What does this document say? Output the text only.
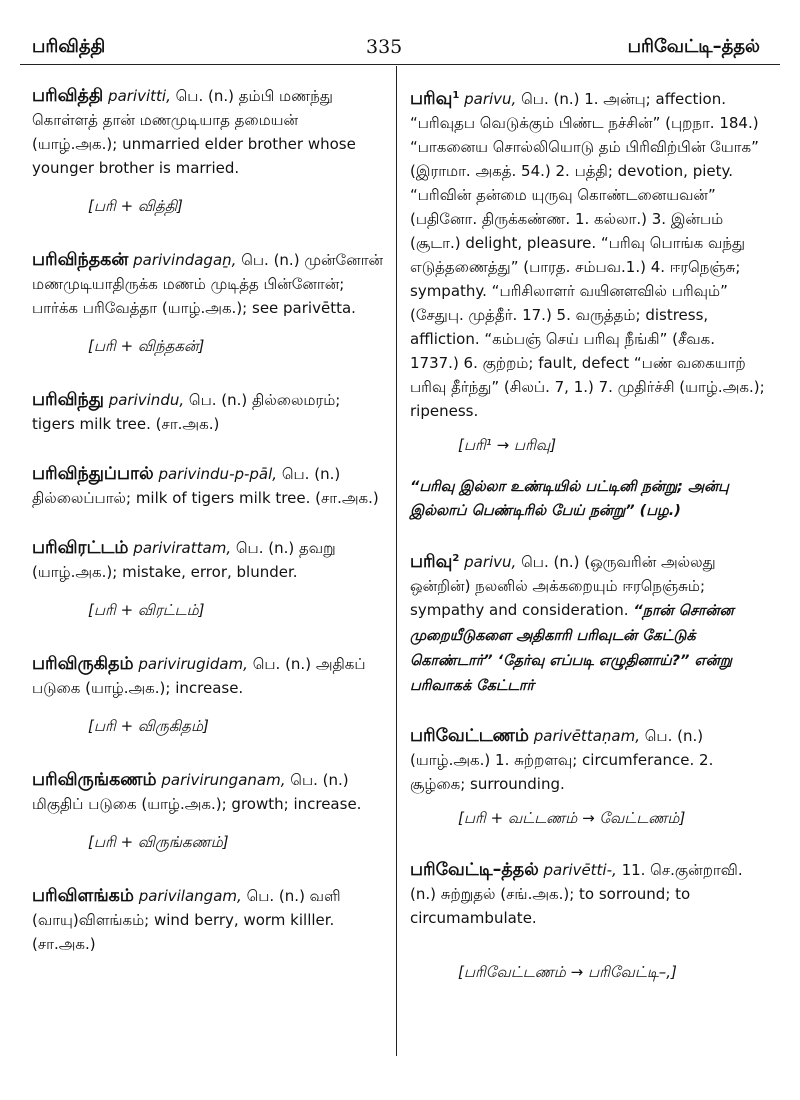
பரிவித்தி	335	பரிவேட்டி–த்தல்
பரிவித்தி parivitti, பெ. (n.) தம்பி மணந்து கொள்ளத் தான் மணமுடியாத தமையன் (யாழ்.அக.); unmarried elder brother whose younger brother is married.
[பரி + வித்தி]
பரிவிந்தகன் parivindagaṉ, பெ. (n.) முன்னோன் மணமுடியாதிருக்க மணம் முடித்த பின்னோன்; பார்க்க பரிவேத்தா (யாழ்.அக.); see parivētta.
[பரி + விந்தகன்]
பரிவிந்து parivindu, பெ. (n.) தில்லைமரம்; tigers milk tree. (சா.அக.)
பரிவிந்துப்பால் parivindu-p-pāl, பெ. (n.) தில்லைப்பால்; milk of tigers milk tree. (சா.அக.)
பரிவிரட்டம் parivirattam, பெ. (n.) தவறு (யாழ்.அக.); mistake, error, blunder.
[பரி + விரட்டம்]
பரிவிருகிதம் parivirugidam, பெ. (n.) அதிகப் படுகை (யாழ்.அக.); increase.
[பரி + விருகிதம்]
பரிவிருங்கணம் parivirunganam, பெ. (n.) மிகுதிப் படுகை (யாழ்.அக.); growth; increase.
[பரி + விருங்கணம்]
பரிவிளங்கம் parivilangam, பெ. (n.) வளி (வாயு)விளங்கம்; wind berry, worm killler. (சா.அக.)
பரிவு$^1$ parivu, பெ. (n.) 1. அன்பு; affection. “பரிவுதப வெடுக்கும் பிண்ட நச்சின்” (புறநா. 184.) “பாகனைய சொல்லியொடு தம் பிரிவிற்பின் யோக” (இராமா. அகத். 54.) 2. பத்தி; devotion, piety. “பரிவின் தன்மை யுருவு கொண்டனையவன்” (பதினோ. திருக்கண்ண. 1. கல்லா.) 3. இன்பம் (சூடா.) delight, pleasure. “பரிவு பொங்க வந்து எடுத்தணைத்து” (பாரத. சம்பவ.1.) 4. ஈரநெஞ்சு; sympathy. “பரிசிலாளர் வயினளவில் பரிவும்” (சேதுபு. முத்தீர். 17.) 5. வருத்தம்; distress, affliction. “கம்பஞ் செய் பரிவு நீங்கி” (சீவக. 1737.) 6. குற்றம்; fault, defect “பண் வகையாற் பரிவு தீர்ந்து” (சிலப். 7, 1.) 7. முதிர்ச்சி (யாழ்.அக.); ripeness.
[பரி¹ → பரிவு]
“பரிவு இல்லா உண்டியில் பட்டினி நன்று; அன்பு இல்லாப் பெண்டிரில் பேய் நன்று” (பழ.)
பரிவு$^2$ parivu, பெ. (n.) (ஒருவரின் அல்லது ஒன்றின்) நலனில் அக்கறையும் ஈரநெஞ்சும்; sympathy and consideration. “நான் சொன்ன முறையீடுகளை அதிகாரி பரிவுடன் கேட்டுக் கொண்டார்” ‘தேர்வு எப்படி எழுதினாய்?” என்று பரிவாகக் கேட்டார்
பரிவேட்டணம் parivēttaṇam, பெ. (n.) (யாழ்.அக.) 1. சுற்றளவு; circumferance. 2. சூழ்கை; surrounding.
[பரி + வட்டணம் → வேட்டணம்]
பரிவேட்டி–த்தல் parivētti-, 11. செ.குன்றாவி. (n.) சுற்றுதல் (சங்.அக.); to sorround; to circumambulate.
[பரிவேட்டணம் → பரிவேட்டி–,]
